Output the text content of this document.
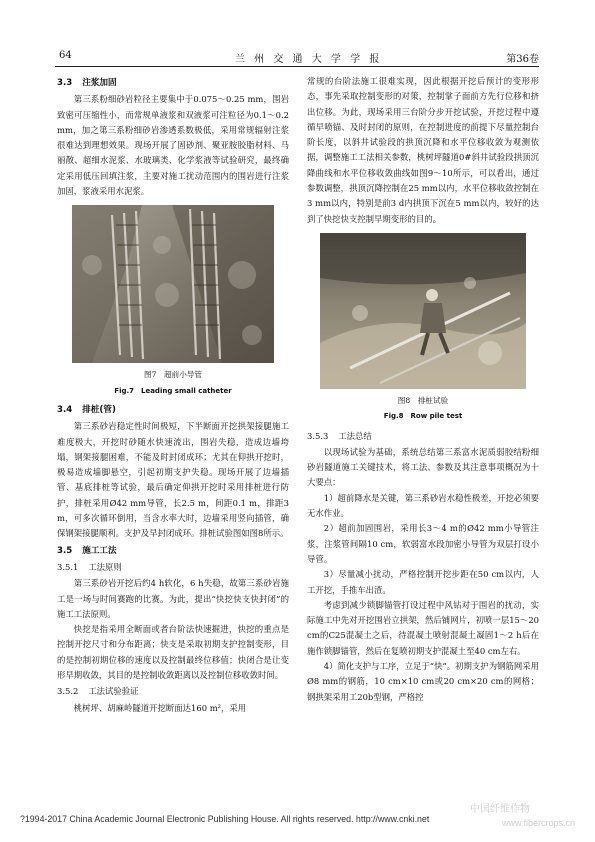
64	兰 州 交 通 大 学 学 报	第36卷
3.3 注浆加固

第三系粉细砂岩粒径主要集中于0.075～0.25 mm，围岩致密可压缩性小，而常规单液浆和双液浆可注粒径为0.1～0.2 mm，加之第三系粉细砂岩渗透系数极低，采用常规辐射注浆很难达到理想效果。现场开展了固砂剂、聚亚胺胶脂材料、马丽散、超细水泥浆、水玻璃类、化学浆液等试验研究，最终确定采用低压回填注浆，主要对施工扰动范围内的围岩进行注浆加固，浆液采用水泥浆。

图7　超前小导管
Fig.7　Leading small catheter
3.4 排桩(管)

第三系砂岩稳定性时间极短，下半断面开挖拱架接腿施工难度极大，开挖时砂随水快速流出，围岩失稳，造成边墙垮塌，钢架接腿困难，不能及时封闭成环；尤其在仰拱开挖时，极易造成墙脚悬空，引起初期支护失稳。现场开展了边墙插管、基底排桩等试验，最后确定仰拱开挖时采用排桩进行防护，排桩采用Ø42 mm导管，长2.5 m，间距0.1 m，排距3 m，可多次循环倒用，当含水率大时，边墙采用竖向插管，确保钢架接腿顺利。支护及早封闭成环。排桩试验图如图8所示。

3.5 施工工法
3.5.1 工法原则

第三系砂岩开挖后约4 h软化，6 h失稳，故第三系砂岩施工是一场与时间赛跑的比赛。为此，提出“快挖快支快封闭”的施工工法原则。

快挖是指采用全断面或者台阶法快速掘进，快挖的重点是控制开挖尺寸和分布距离；快支是采取初期支护控制变形，目的是控制初期位移的速度以及控制最终位移值；快闭合是让变形早期收敛，其目的是控制收敛距离以及控制位移收敛时间。

3.5.2 工法试验验证

桃树坪、胡麻岭隧道开挖断面达160 m²，采用

常规的台阶法施工很难实现，因此根据开挖后预计的变形形态，事先采取控制变形的对策，控制掌子面前方先行位移和挤出位移。为此，现场采用三台阶分步开挖试验，开挖过程中遵循早喷锚、及时封闭的原则，在控制进度的前提下尽量控制台阶长度，以斜井试验段的拱顶沉降和水平位移收敛为观测依据，调整施工工法相关参数，桃树坪隧道0#斜井试验段拱顶沉降曲线和水平位移收敛曲线如图9～10所示，可以看出，通过参数调整，拱顶沉降控制在25 mm以内，水平位移收敛控制在3 mm以内，特别是前3 d内拱顶下沉在5 mm以内，较好的达到了快挖快支控制早期变形的目的。

图8　排桩试验
Fig.8　Row pile test
3.5.3 工法总结

以现场试验为基础，系统总结第三系富水泥质弱胶结粉细砂岩隧道施工关键技术，将工法、参数及其注意事项概况为十大要点：

1）超前降水是关键，第三系砂岩水稳性极差，开挖必须要无水作业。

2）超前加固围岩，采用长3～4 m的Ø42 mm小导管注浆，注浆管间隔10 cm，软弱富水段加密小导管为双层打设小导管。

3）尽量减小扰动，严格控制开挖步距在50 cm以内，人工开挖，手推车出渣。

考虑到减少锁脚锚管打设过程中风钻对于围岩的扰动，实际施工中先对开挖围岩立拱架，然后铺网片，初喷一层15～20 cm的C25混凝土之后，待混凝土喷射混凝土凝固1～2 h后在施作锁脚锚管，然后在复喷初期支护混凝土至40 cm左右。

4）简化支护与工序，立足于“快”。初期支护为钢筋网采用Ø8 mm的钢筋，10 cm×10 cm或20 cm×20 cm的网格；钢拱架采用工20b型钢，严格控

?1994-2017 China Academic Journal Electronic Publishing House. All rights reserved. http://www.cnki.net
中国纤维作物
www.fibercrops.cn
